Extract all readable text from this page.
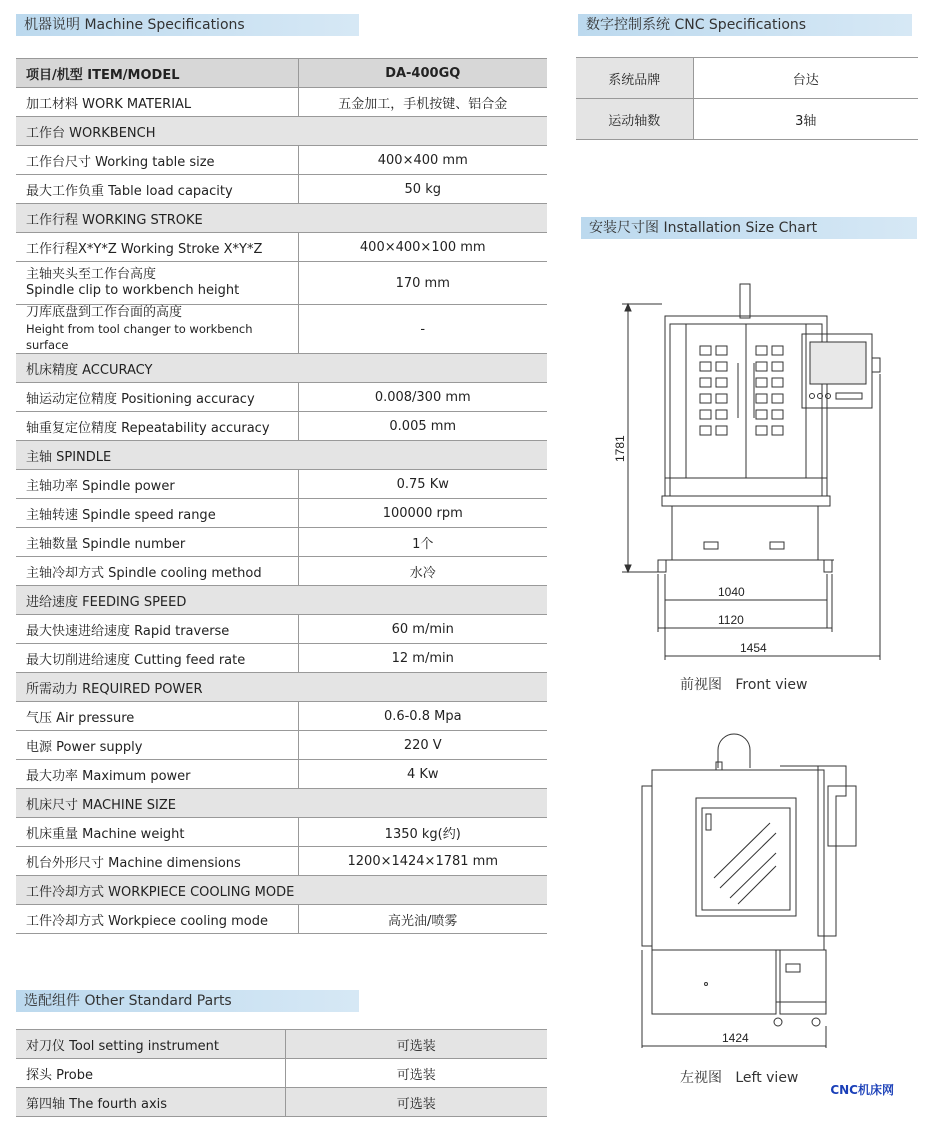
机器说明 Machine Specifications	数字控制系统 CNC Specifications
安装尺寸图 Installation Size Chart
选配组件 Other Standard Parts
项目/机型 ITEM/MODEL	DA-400GQ
加工材料 WORK MATERIAL	五金加工，手机按键、铝合金
工作台 WORKBENCH	
工作台尺寸 Working table size	400×400 mm
最大工作负重 Table load capacity	50 kg
工作行程 WORKING STROKE	
工作行程X*Y*Z Working Stroke X*Y*Z	400×400×100 mm

主轴夹头至工作台高度
Spindle clip to workbench height	170 mm

刀库底盘到工作台面的高度
Height from tool changer to workbench surface	-
机床精度 ACCURACY	
轴运动定位精度 Positioning accuracy	0.008/300 mm
轴重复定位精度 Repeatability accuracy	0.005 mm
主轴 SPINDLE	
主轴功率 Spindle power	0.75 Kw
主轴转速 Spindle speed range	100000 rpm
主轴数量 Spindle number	1个
主轴冷却方式 Spindle cooling method	水冷
进给速度 FEEDING SPEED	
最大快速进给速度 Rapid traverse	60 m/min
最大切削进给速度 Cutting feed rate	12 m/min
所需动力 REQUIRED POWER	
气压 Air pressure	0.6-0.8 Mpa
电源 Power supply	220 V
最大功率 Maximum power	4 Kw
机床尺寸 MACHINE SIZE	
机床重量 Machine weight	1350 kg(约)
机台外形尺寸 Machine dimensions	1200×1424×1781 mm
工件冷却方式 WORKPIECE COOLING MODE	
工件冷却方式 Workpiece cooling mode	高光油/喷雾
系统品牌	台达
运动轴数	3轴
对刀仪 Tool setting instrument	可选装
探头 Probe	可选装
第四轴 The fourth axis	可选装
1781
1040
1120
1454
前视图   Front view
1424
左视图   Left view
CNC机床网
